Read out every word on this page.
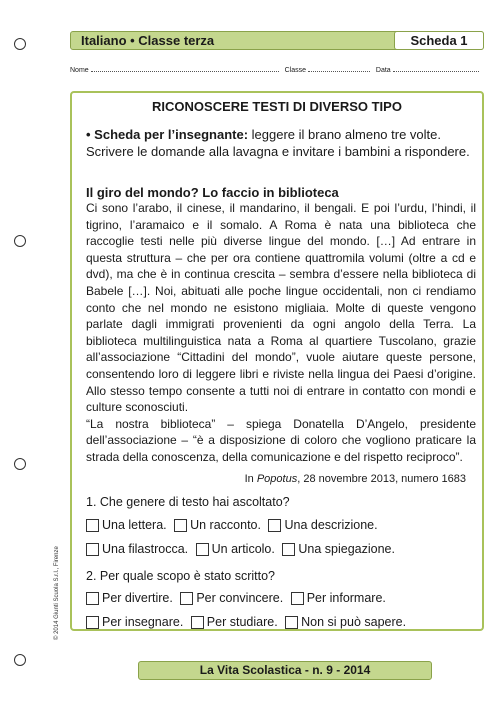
Italiano • Classe terza	Scheda 1
Nome	Classe	Data
RICONOSCERE TESTI DI DIVERSO TIPO
• Scheda per l’insegnante: leggere il brano almeno tre volte. Scrivere le domande alla lavagna e invitare i bambini a rispondere.
Il giro del mondo? Lo faccio in biblioteca

Ci sono l’arabo, il cinese, il mandarino, il bengali. E poi l’urdu, l’hindi, il tigrino, l’aramaico e il somalo. A Roma è nata una biblioteca che raccoglie testi nelle più diverse lingue del mondo. […] Ad entrare in questa struttura – che per ora contiene quattromila volumi (oltre a cd e dvd), ma che è in continua crescita – sembra d’essere nella biblioteca di Babele […]. Noi, abituati alle poche lingue occidentali, non ci rendiamo conto che nel mondo ne esistono migliaia. Molte di queste vengono parlate dagli immigrati provenienti da ogni angolo della Terra. La biblioteca multilinguistica nata a Roma al quartiere Tuscolano, grazie all’associazione “Cittadini del mondo”, vuole aiutare queste persone, consentendo loro di leggere libri e riviste nella lingua dei Paesi d’origine. Allo stesso tempo consente a tutti noi di entrare in contatto con mondi e culture sconosciuti.

“La nostra biblioteca” – spiega Donatella D’Angelo, presidente dell’associazione – “è a disposizione di coloro che vogliono praticare la strada della conoscenza, della comunicazione e del rispetto reciproco”.

In Popotus, 28 novembre 2013, numero 1683
1. Che genere di testo hai ascoltato?
Una lettera.
Un racconto.
Una descrizione.
Una filastrocca.
Un articolo.
Una spiegazione.
2. Per quale scopo è stato scritto?
Per divertire.
Per convincere.
Per informare.
Per insegnare.
Per studiare.
Non si può sapere.
© 2014 Giunti Scuola S.r.l., Firenze
La Vita Scolastica - n. 9 - 2014
